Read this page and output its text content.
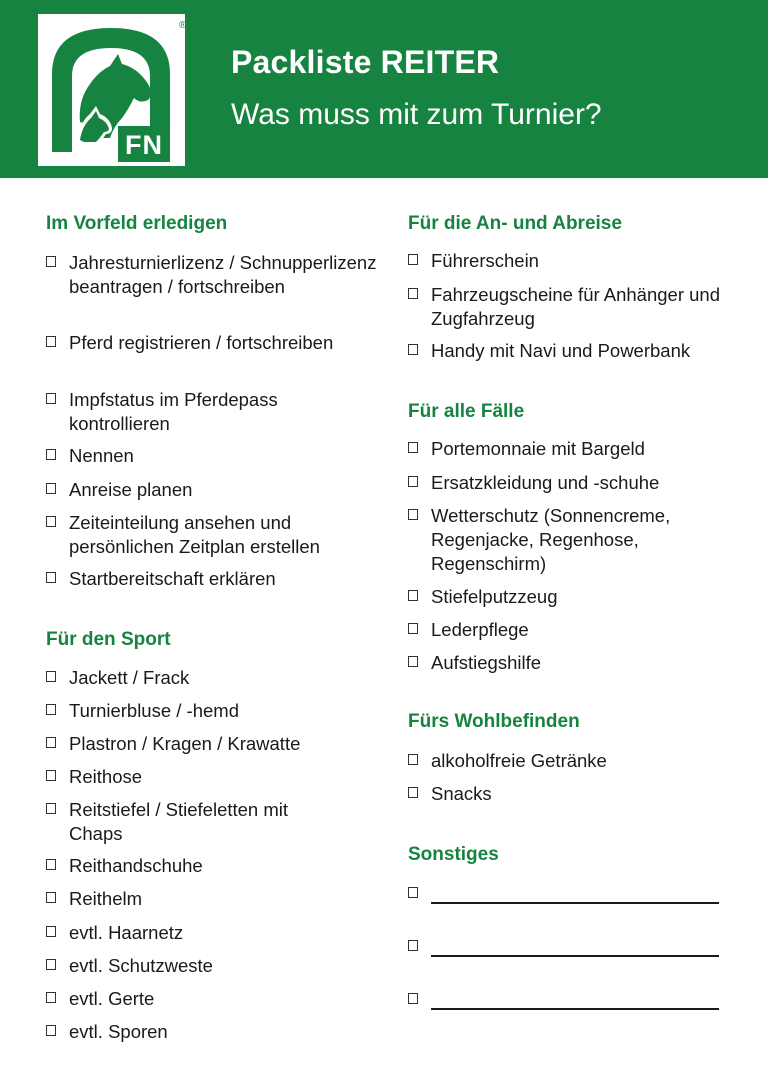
®
FN
Packliste REITER
Was muss mit zum Turnier?
Im Vorfeld erledigen
Jahresturnierlizenz / Schnupperlizenz beantragen / fortschreiben
Pferd registrieren / fortschreiben
Impfstatus im Pferdepass kontrollieren
Nennen
Anreise planen
Zeiteinteilung ansehen und persönlichen Zeitplan erstellen
Startbereitschaft erklären
Für den Sport
Jackett / Frack
Turnierbluse / -hemd
Plastron / Kragen / Krawatte
Reithose
Reitstiefel / Stiefeletten mit Chaps
Reithandschuhe
Reithelm
evtl. Haarnetz
evtl. Schutzweste
evtl. Gerte
evtl. Sporen
Für die An- und Abreise
Führerschein
Fahrzeugscheine für Anhänger und Zugfahrzeug
Handy mit Navi und Powerbank
Für alle Fälle
Portemonnaie mit Bargeld
Ersatzkleidung und -schuhe
Wetterschutz (Sonnencreme, Regenjacke, Regenhose, Regenschirm)
Stiefelputzzeug
Lederpflege
Aufstiegshilfe
Fürs Wohlbefinden
alkoholfreie Getränke
Snacks
Sonstiges
